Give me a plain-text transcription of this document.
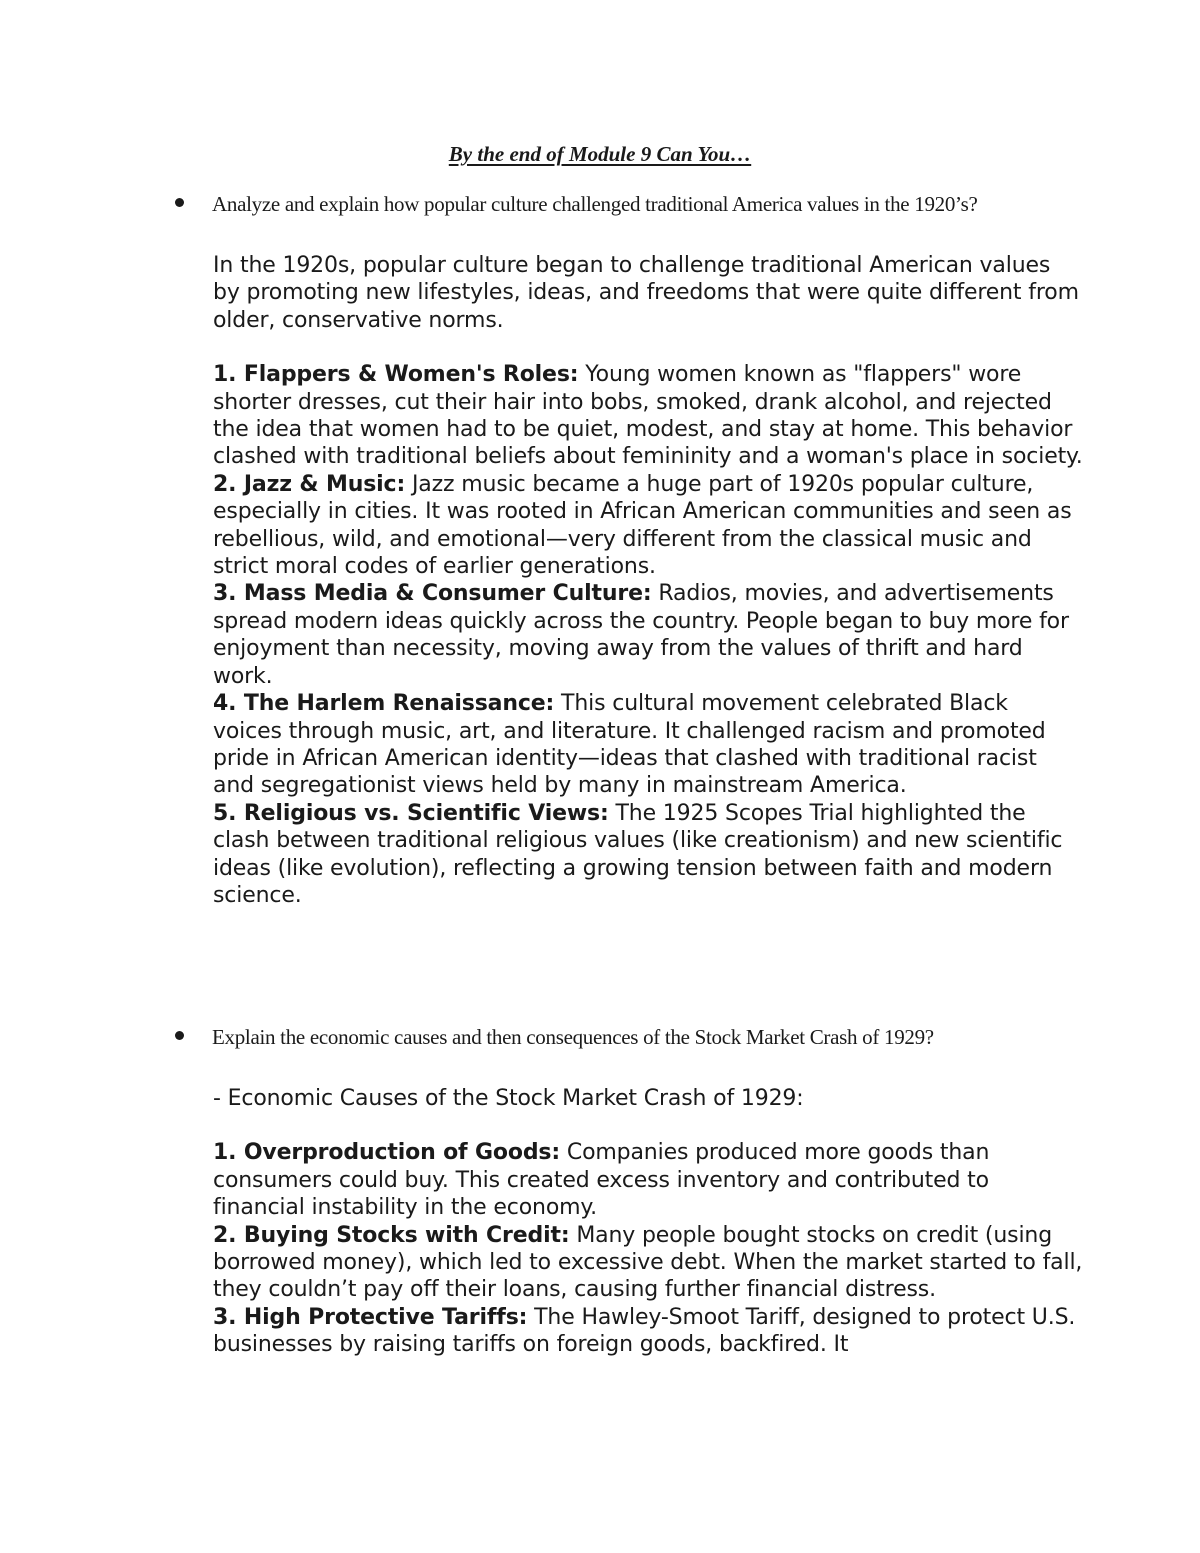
By the end of Module 9 Can You…
Analyze and explain how popular culture challenged traditional America values in the 1920’s?

In the 1920s, popular culture began to challenge traditional American values by promoting new lifestyles, ideas, and freedoms that were quite different from older, conservative norms.

1. Flappers & Women's Roles: Young women known as "flappers" wore shorter dresses, cut their hair into bobs, smoked, drank alcohol, and rejected the idea that women had to be quiet, modest, and stay at home. This behavior clashed with traditional beliefs about femininity and a woman's place in society.
2. Jazz & Music: Jazz music became a huge part of 1920s popular culture, especially in cities. It was rooted in African American communities and seen as rebellious, wild, and emotional—very different from the classical music and strict moral codes of earlier generations.
3. Mass Media & Consumer Culture: Radios, movies, and advertisements spread modern ideas quickly across the country. People began to buy more for enjoyment than necessity, moving away from the values of thrift and hard work.
4. The Harlem Renaissance: This cultural movement celebrated Black voices through music, art, and literature. It challenged racism and promoted pride in African American identity—ideas that clashed with traditional racist and segregationist views held by many in mainstream America.
5. Religious vs. Scientific Views: The 1925 Scopes Trial highlighted the clash between traditional religious values (like creationism) and new scientific ideas (like evolution), reflecting a growing tension between faith and modern science.
Explain the economic causes and then consequences of the Stock Market Crash of 1929?

- Economic Causes of the Stock Market Crash of 1929:

1. Overproduction of Goods: Companies produced more goods than consumers could buy. This created excess inventory and contributed to financial instability in the economy.
2. Buying Stocks with Credit: Many people bought stocks on credit (using borrowed money), which led to excessive debt. When the market started to fall, they couldn’t pay off their loans, causing further financial distress.
3. High Protective Tariffs: The Hawley-Smoot Tariff, designed to protect U.S. businesses by raising tariffs on foreign goods, backfired. It
